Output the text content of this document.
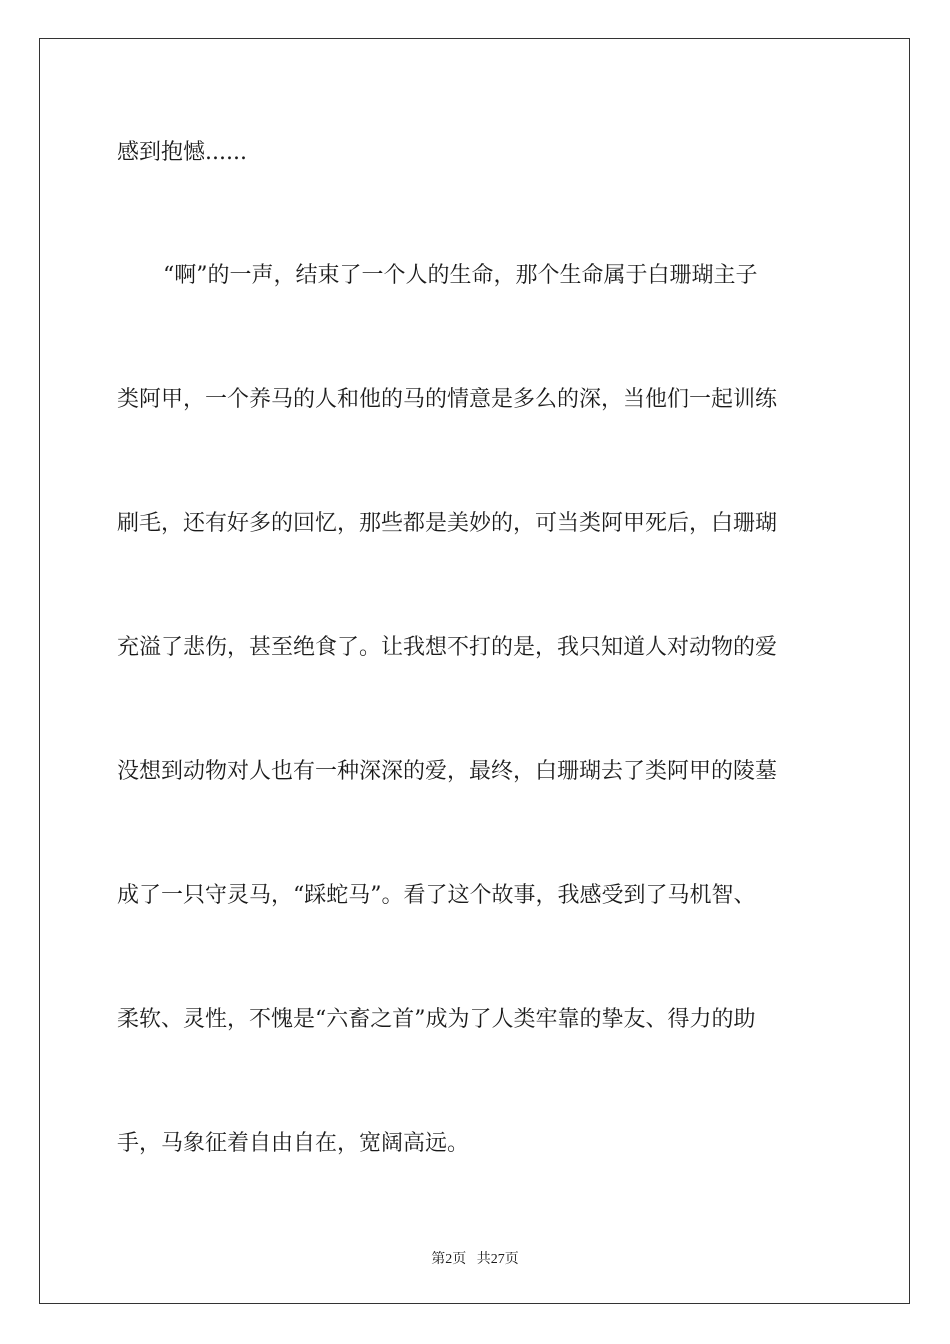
感到抱憾......
“啊”的一声，结束了一个人的生命，那个生命属于白珊瑚主子
类阿甲，一个养马的人和他的马的情意是多么的深，当他们一起训练
刷毛，还有好多的回忆，那些都是美妙的，可当类阿甲死后，白珊瑚
充溢了悲伤，甚至绝食了。让我想不打的是，我只知道人对动物的爱
没想到动物对人也有一种深深的爱，最终，白珊瑚去了类阿甲的陵墓
成了一只守灵马，“踩蛇马”。看了这个故事，我感受到了马机智、
柔软、灵性，不愧是“六畜之首”成为了人类牢靠的挚友、得力的助
手，马象征着自由自在，宽阔高远。
第2页 共27页
